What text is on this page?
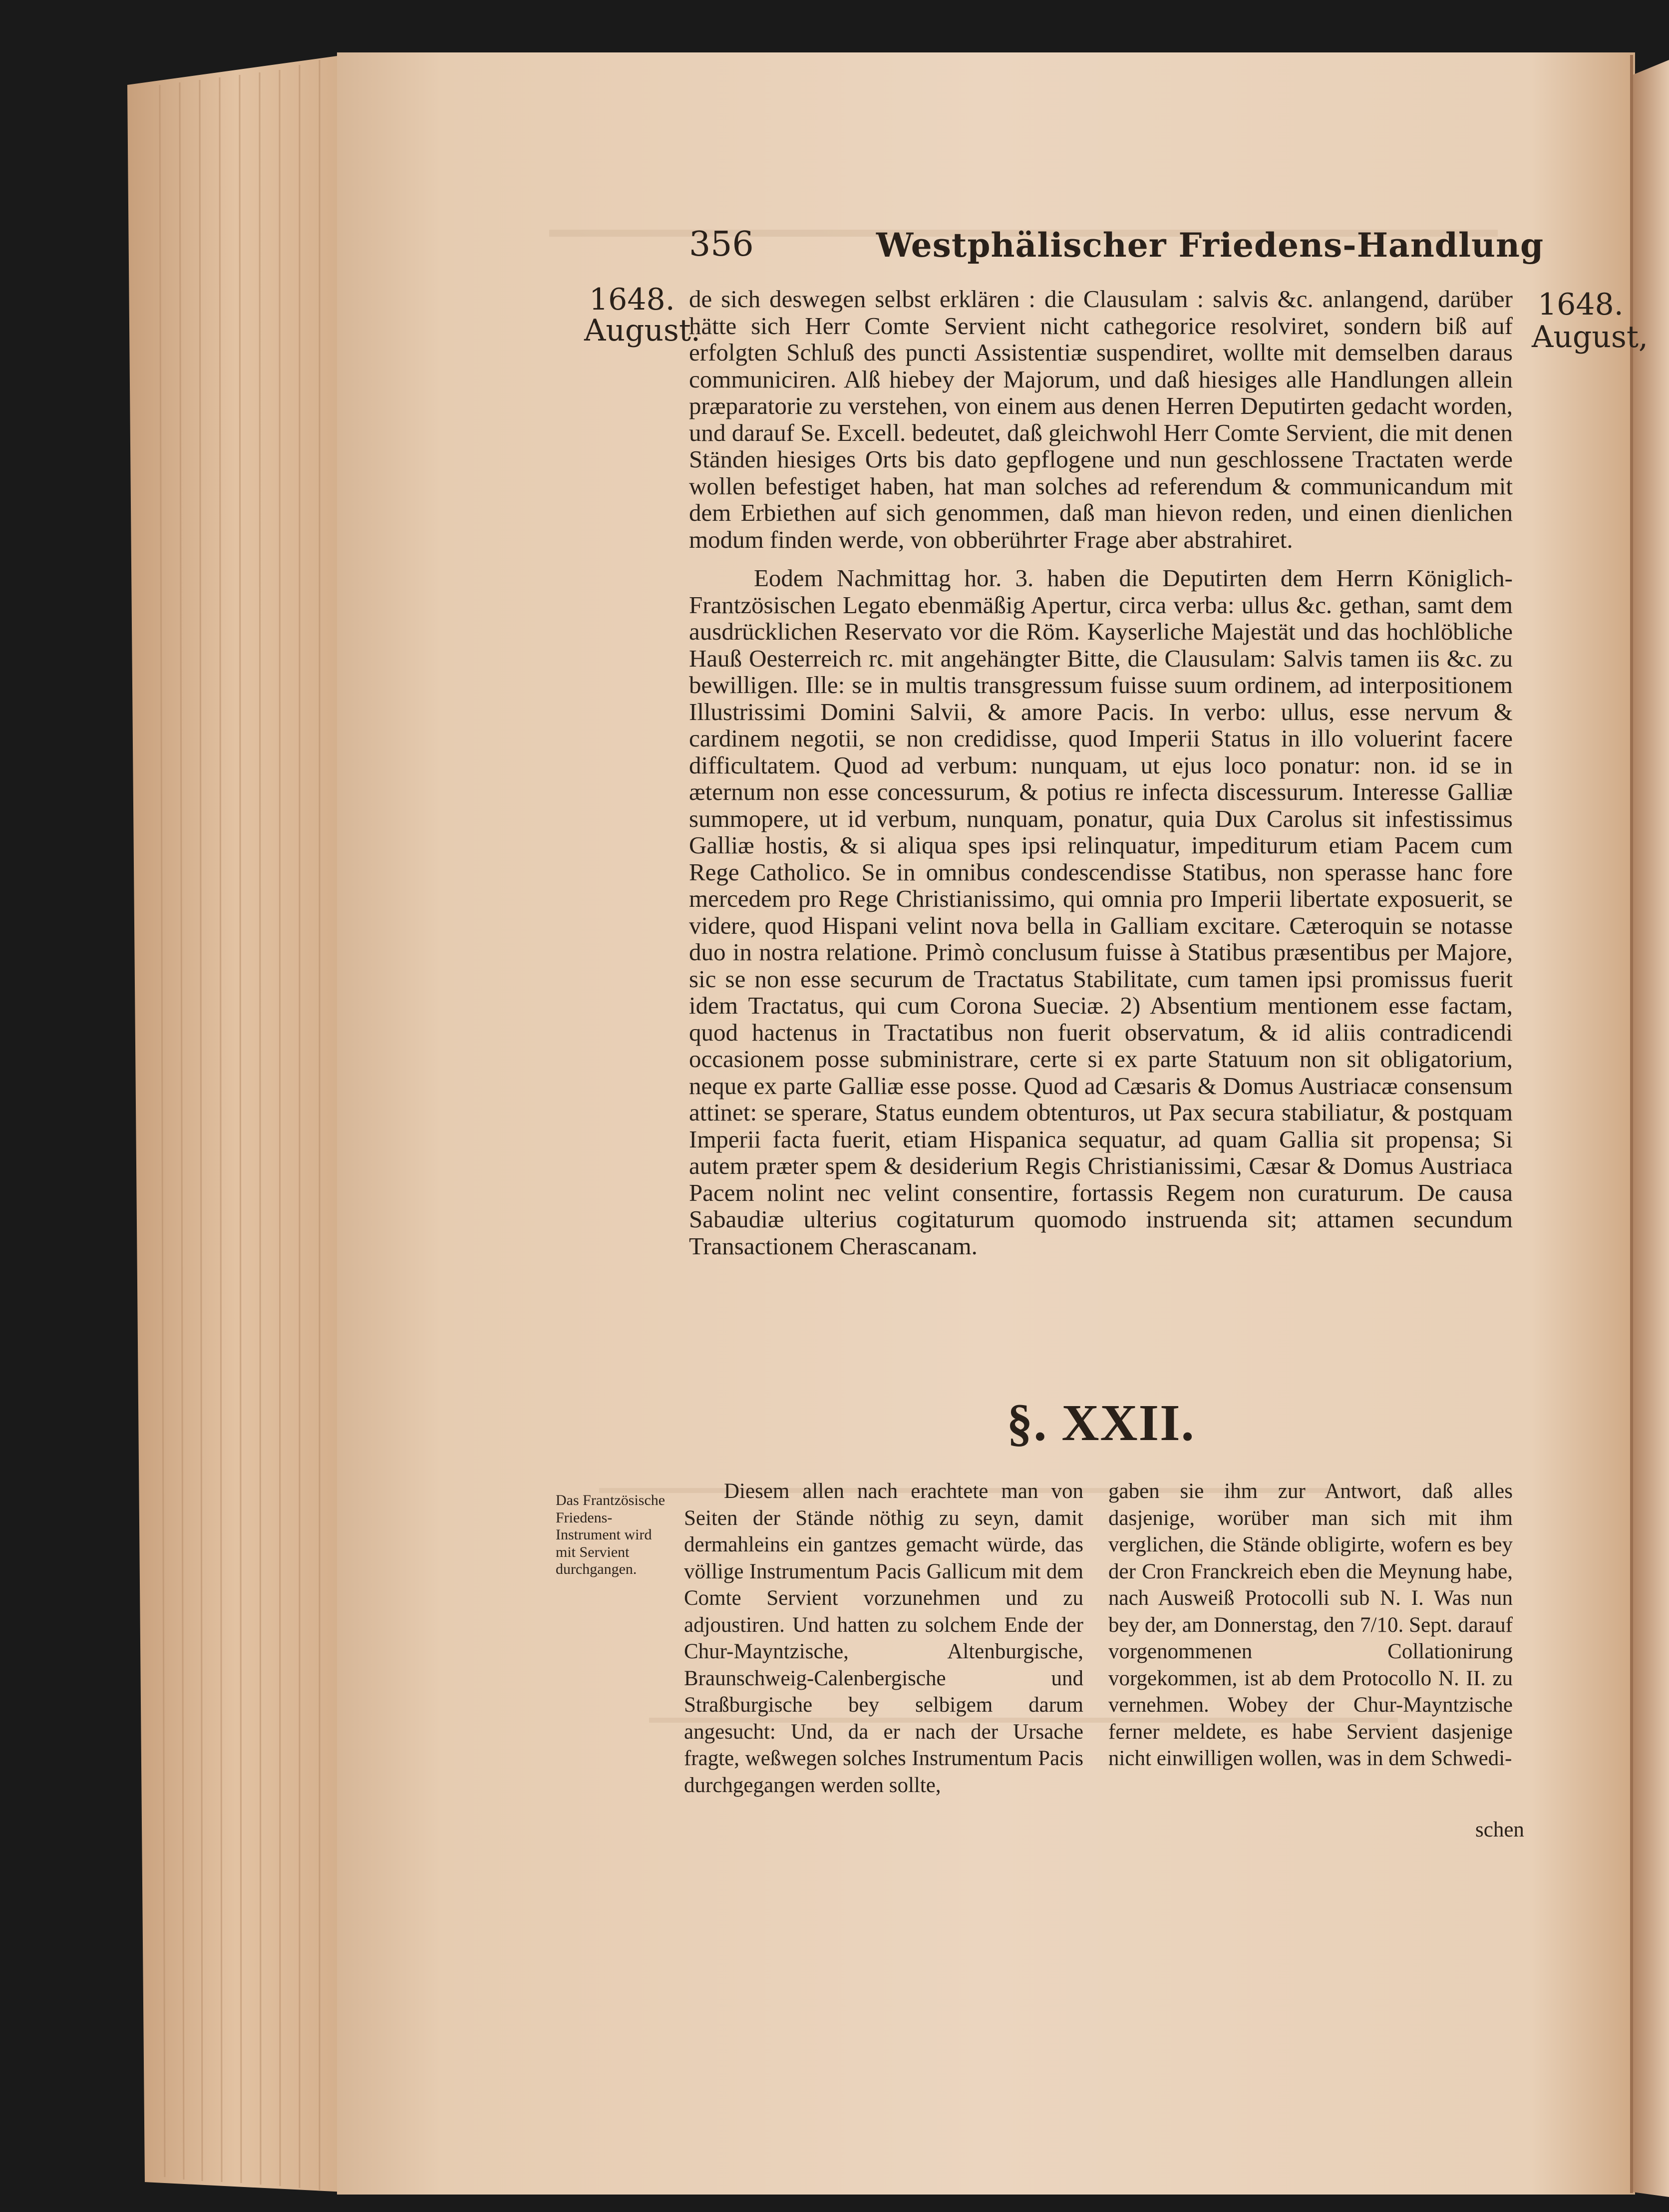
356	Westphälischer Friedens-Handlung
1648.
August.
1648.
August,

de sich deswegen selbst erklären : die Clausulam : salvis &c. anlangend, darüber hätte sich Herr Comte Servient nicht cathegorice resolviret, sondern biß auf erfolgten Schluß des puncti Assistentiæ suspendiret, wollte mit demselben daraus communiciren. Alß hiebey der Majorum, und daß hiesiges alle Handlungen allein præparatorie zu verstehen, von einem aus denen Herren Deputirten gedacht worden, und darauf Se. Excell. bedeutet, daß gleichwohl Herr Comte Servient, die mit denen Ständen hiesiges Orts bis dato gepflogene und nun geschlossene Tractaten werde wollen befestiget haben, hat man solches ad referendum & communicandum mit dem Erbiethen auf sich genommen, daß man hievon reden, und einen dienlichen modum finden werde, von obberührter Frage aber abstrahiret.

Eodem Nachmittag hor. 3. haben die Deputirten dem Herrn Königlich-Frantzösischen Legato ebenmäßig Apertur, circa verba: ullus &c. gethan, samt dem ausdrücklichen Reservato vor die Röm. Kayserliche Majestät und das hochlöbliche Hauß Oesterreich rc. mit angehängter Bitte, die Clausulam: Salvis tamen iis &c. zu bewilligen. Ille: se in multis transgressum fuisse suum ordinem, ad interpositionem Illustrissimi Domini Salvii, & amore Pacis. In verbo: ullus, esse nervum & cardinem negotii, se non credidisse, quod Imperii Status in illo voluerint facere difficultatem. Quod ad verbum: nunquam, ut ejus loco ponatur: non. id se in æternum non esse concessurum, & potius re infecta discessurum. Interesse Galliæ summopere, ut id verbum, nunquam, ponatur, quia Dux Carolus sit infestissimus Galliæ hostis, & si aliqua spes ipsi relinquatur, impediturum etiam Pacem cum Rege Catholico. Se in omnibus condescendisse Statibus, non sperasse hanc fore mercedem pro Rege Christianissimo, qui omnia pro Imperii libertate exposuerit, se videre, quod Hispani velint nova bella in Galliam excitare. Cæteroquin se notasse duo in nostra relatione. Primò conclusum fuisse à Statibus præsentibus per Majore, sic se non esse securum de Tractatus Stabilitate, cum tamen ipsi promissus fuerit idem Tractatus, qui cum Corona Sueciæ. 2) Absentium mentionem esse factam, quod hactenus in Tractatibus non fuerit observatum, & id aliis contradicendi occasionem posse subministrare, certe si ex parte Statuum non sit obligatorium, neque ex parte Galliæ esse posse. Quod ad Cæsaris & Domus Austriacæ consensum attinet: se sperare, Status eundem obtenturos, ut Pax secura stabiliatur, & postquam Imperii facta fuerit, etiam Hispanica sequatur, ad quam Gallia sit propensa; Si autem præter spem & desiderium Regis Christianissimi, Cæsar & Domus Austriaca Pacem nolint nec velint consentire, fortassis Regem non curaturum. De causa Sabaudiæ ulterius cogitaturum quomodo instruenda sit; attamen secundum Transactionem Cherascanam.

§. XXII.
Das Frantzösische Friedens-Instrument wird mit Servient durchgangen.

Diesem allen nach erachtete man von Seiten der Stände nöthig zu seyn, damit dermahleins ein gantzes gemacht würde, das völlige Instrumentum Pacis Gallicum mit dem Comte Servient vorzunehmen und zu adjoustiren. Und hatten zu solchem Ende der Chur-Mayntzische, Altenburgische, Braunschweig-Calenbergische und Straßburgische bey selbigem darum angesucht: Und, da er nach der Ursache fragte, weßwegen solches Instrumentum Pacis durchgegangen werden sollte,

gaben sie ihm zur Antwort, daß alles dasjenige, worüber man sich mit ihm verglichen, die Stände obligirte, wofern es bey der Cron Franckreich eben die Meynung habe, nach Ausweiß Protocolli sub N. I. Was nun bey der, am Donnerstag, den 7/10. Sept. darauf vorgenommenen Collationirung vorgekommen, ist ab dem Protocollo N. II. zu vernehmen. Wobey der Chur-Mayntzische ferner meldete, es habe Servient dasjenige nicht einwilligen wollen, was in dem Schwedi-

schen
